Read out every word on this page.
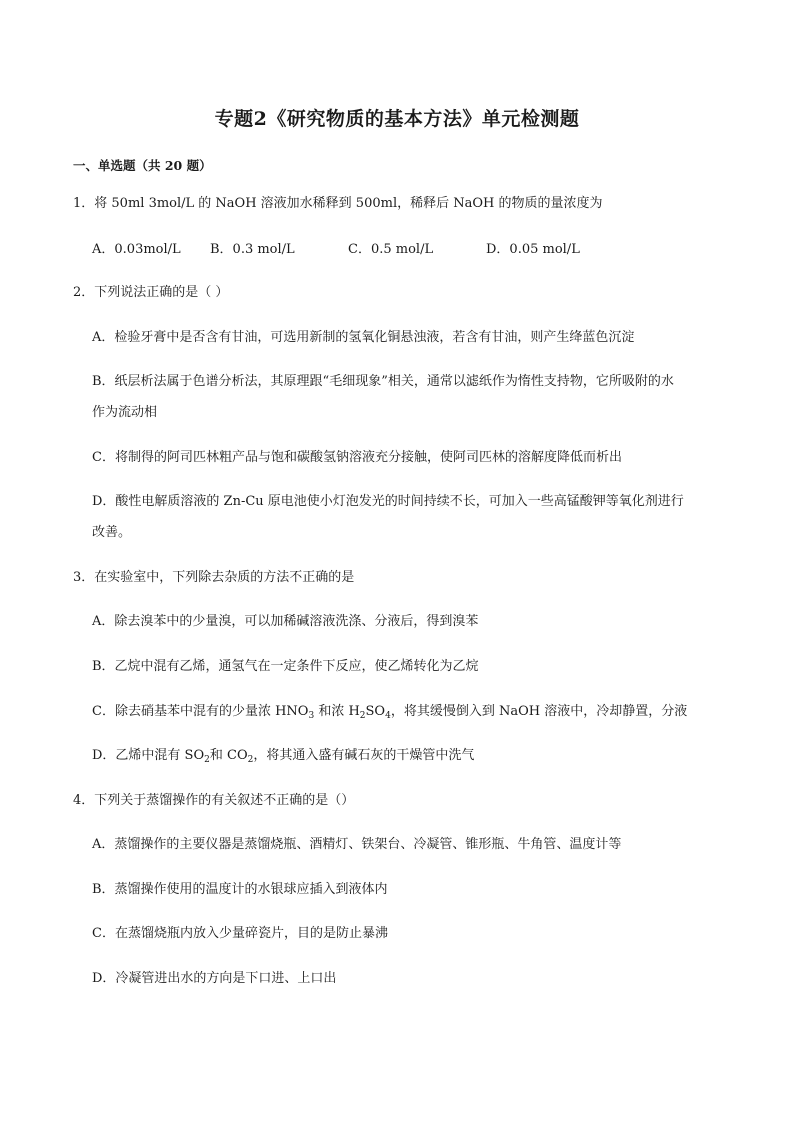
专题2《研究物质的基本方法》单元检测题
一、单选题（共 20 题）
1．将 50ml 3mol/L 的 NaOH 溶液加水稀释到 500ml，稀释后 NaOH 的物质的量浓度为
A．0.03mol/L B．0.3 mol/L	C．0.5 mol/L	D．0.05 mol/L
2．下列说法正确的是（ ）
A．检验牙膏中是否含有甘油，可选用新制的氢氧化铜悬浊液，若含有甘油，则产生绛蓝色沉淀
B．纸层析法属于色谱分析法，其原理跟“毛细现象”相关，通常以滤纸作为惰性支持物，它所吸附的水
作为流动相
C．将制得的阿司匹林粗产品与饱和碳酸氢钠溶液充分接触，使阿司匹林的溶解度降低而析出
D．酸性电解质溶液的 Zn-Cu 原电池使小灯泡发光的时间持续不长，可加入一些高锰酸钾等氧化剂进行
改善。
3．在实验室中，下列除去杂质的方法不正确的是
A．除去溴苯中的少量溴，可以加稀碱溶液洗涤、分液后，得到溴苯
B．乙烷中混有乙烯，通氢气在一定条件下反应，使乙烯转化为乙烷
C．除去硝基苯中混有的少量浓 $HNO_3$ 和浓 $H_2SO_4$，将其缓慢倒入到 NaOH 溶液中，冷却静置，分液
D．乙烯中混有 $SO_2$和 $CO_2$，将其通入盛有碱石灰的干燥管中洗气
4．下列关于蒸馏操作的有关叙述不正确的是（）
A．蒸馏操作的主要仪器是蒸馏烧瓶、酒精灯、铁架台、冷凝管、锥形瓶、牛角管、温度计等
B．蒸馏操作使用的温度计的水银球应插入到液体内
C．在蒸馏烧瓶内放入少量碎瓷片，目的是防止暴沸
D．冷凝管进出水的方向是下口进、上口出
